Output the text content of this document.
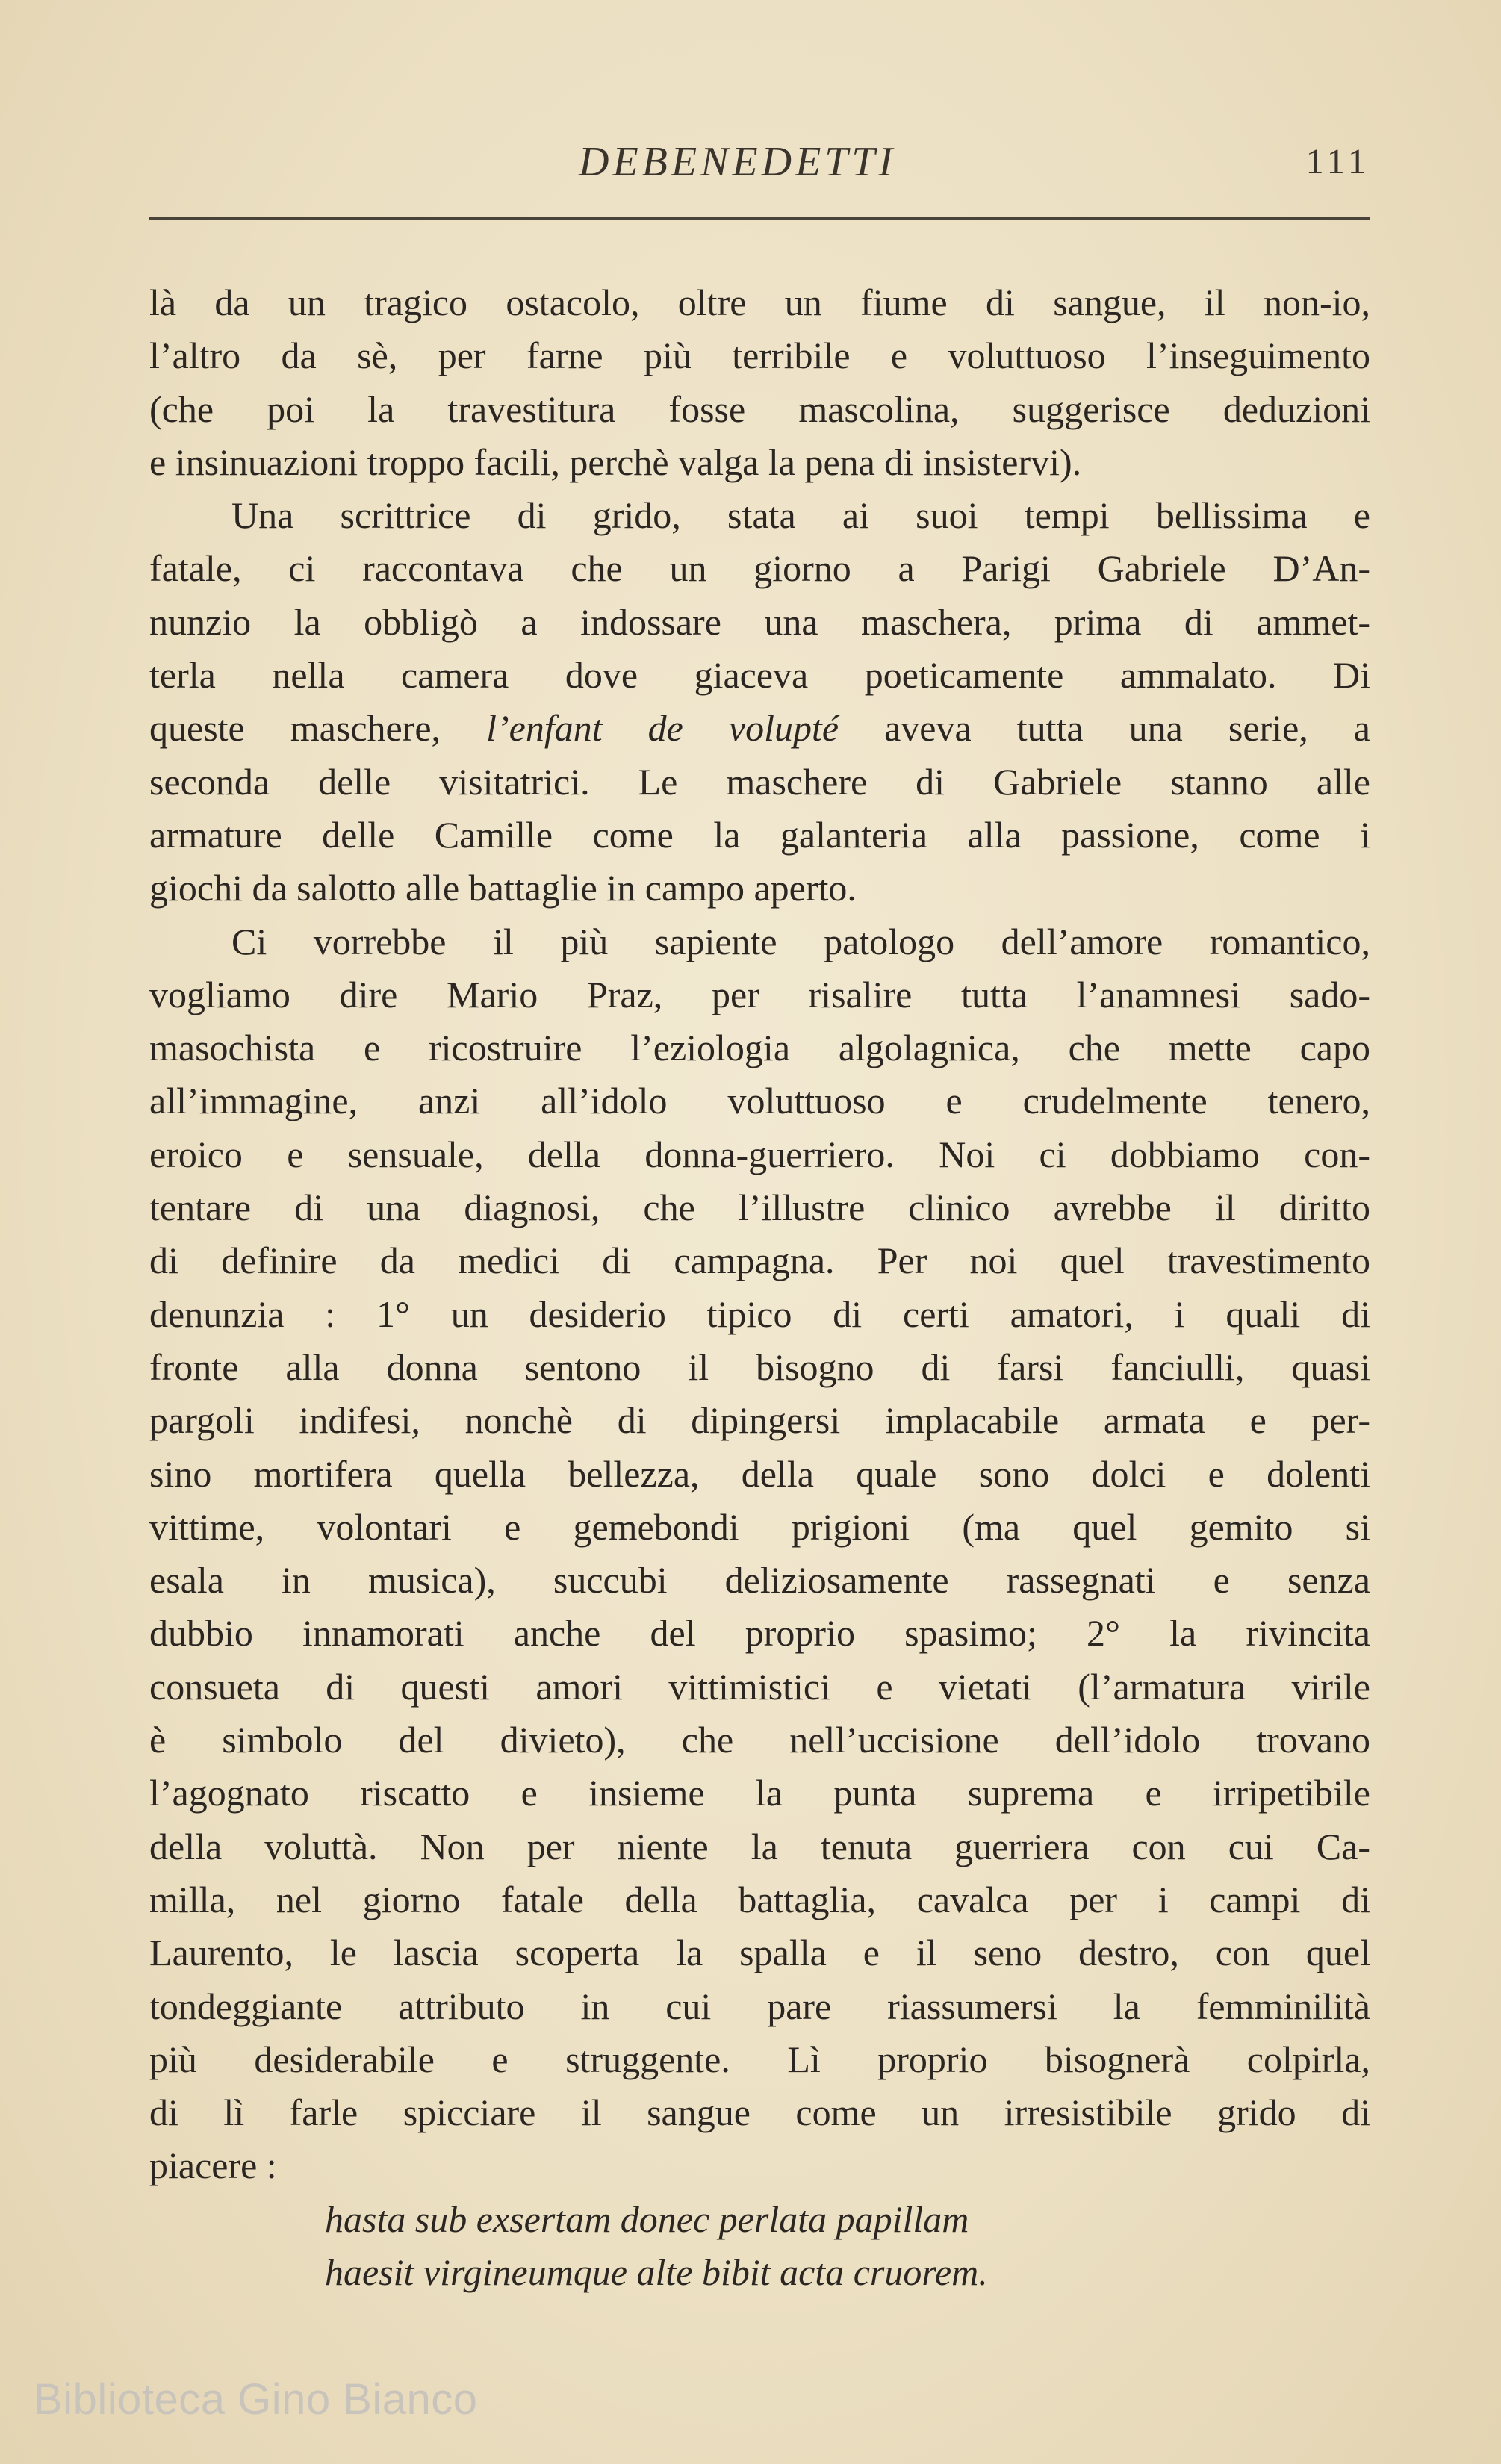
DEBENEDETTI	111
là da un tragico ostacolo, oltre un fiume di sangue, il non-io,
l’altro da sè, per farne più terribile e voluttuoso l’inseguimento
(che poi la travestitura fosse mascolina, suggerisce deduzioni
e insinuazioni troppo facili, perchè valga la pena di insistervi).
Una scrittrice di grido, stata ai suoi tempi bellissima e
fatale, ci raccontava che un giorno a Parigi Gabriele D’An-
nunzio la obbligò a indossare una maschera, prima di ammet-
terla nella camera dove giaceva poeticamente ammalato. Di
queste maschere, l’enfant de volupté aveva tutta una serie, a
seconda delle visitatrici. Le maschere di Gabriele stanno alle
armature delle Camille come la galanteria alla passione, come i
giochi da salotto alle battaglie in campo aperto.
Ci vorrebbe il più sapiente patologo dell’amore romantico,
vogliamo dire Mario Praz, per risalire tutta l’anamnesi sado-
masochista e ricostruire l’eziologia algolagnica, che mette capo
all’immagine, anzi all’idolo voluttuoso e crudelmente tenero,
eroico e sensuale, della donna-guerriero. Noi ci dobbiamo con-
tentare di una diagnosi, che l’illustre clinico avrebbe il diritto
di definire da medici di campagna. Per noi quel travestimento
denunzia : 1° un desiderio tipico di certi amatori, i quali di
fronte alla donna sentono il bisogno di farsi fanciulli, quasi
pargoli indifesi, nonchè di dipingersi implacabile armata e per-
sino mortifera quella bellezza, della quale sono dolci e dolenti
vittime, volontari e gemebondi prigioni (ma quel gemito si
esala in musica), succubi deliziosamente rassegnati e senza
dubbio innamorati anche del proprio spasimo; 2° la rivincita
consueta di questi amori vittimistici e vietati (l’armatura virile
è simbolo del divieto), che nell’uccisione dell’idolo trovano
l’agognato riscatto e insieme la punta suprema e irripetibile
della voluttà. Non per niente la tenuta guerriera con cui Ca-
milla, nel giorno fatale della battaglia, cavalca per i campi di
Laurento, le lascia scoperta la spalla e il seno destro, con quel
tondeggiante attributo in cui pare riassumersi la femminilità
più desiderabile e struggente. Lì proprio bisognerà colpirla,
di lì farle spicciare il sangue come un irresistibile grido di
piacere :
hasta sub exsertam donec perlata papillam
haesit virgineumque alte bibit acta cruorem.
Biblioteca Gino Bianco
